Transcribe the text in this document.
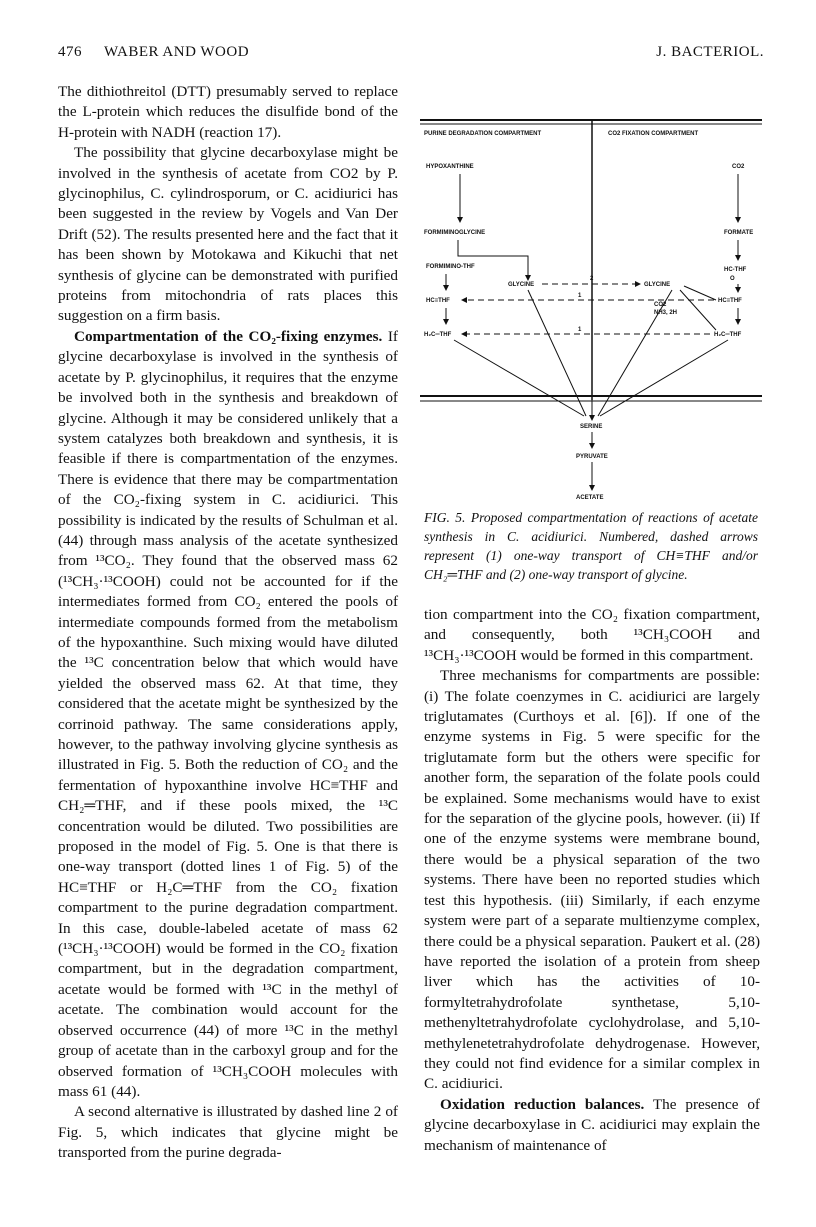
476 WABER AND WOOD	J. BACTERIOL.

The dithiothreitol (DTT) presumably served to replace the L-protein which reduces the disulfide bond of the H-protein with NADH (reaction 17).

The possibility that glycine decarboxylase might be involved in the synthesis of acetate from CO2 by P. glycinophilus, C. cylindrosporum, or C. acidiurici has been suggested in the review by Vogels and Van Der Drift (52). The results presented here and the fact that it has been shown by Motokawa and Kikuchi that net synthesis of glycine can be demonstrated with purified proteins from mitochondria of rats places this suggestion on a firm basis.

Compartmentation of the CO₂-fixing enzymes. If glycine decarboxylase is involved in the synthesis of acetate by P. glycinophilus, it requires that the enzyme be involved both in the synthesis and breakdown of glycine. Although it may be considered unlikely that a system catalyzes both breakdown and synthesis, it is feasible if there is compartmentation of the enzymes. There is evidence that there may be compartmentation of the CO₂-fixing system in C. acidiurici. This possibility is indicated by the results of Schulman et al. (44) through mass analysis of the acetate synthesized from ¹³CO₂. They found that the observed mass 62 (¹³CH₃·¹³COOH) could not be accounted for if the intermediates formed from CO₂ entered the pools of intermediate compounds formed from the metabolism of the hypoxanthine. Such mixing would have diluted the ¹³C concentration below that which would have yielded the observed mass 62. At that time, they considered that the acetate might be synthesized by the corrinoid pathway. The same considerations apply, however, to the pathway involving glycine synthesis as illustrated in Fig. 5. Both the reduction of CO₂ and the fermentation of hypoxanthine involve HC≡THF and CH₂═THF, and if these pools mixed, the ¹³C concentration would be diluted. Two possibilities are proposed in the model of Fig. 5. One is that there is one-way transport (dotted lines 1 of Fig. 5) of the HC≡THF or H₂C═THF from the CO₂ fixation compartment to the purine degradation compartment. In this case, double-labeled acetate of mass 62 (¹³CH₃·¹³COOH) would be formed in the CO₂ fixation compartment, but in the degradation compartment, acetate would be formed with ¹³C in the methyl of acetate. The combination would account for the observed occurrence (44) of more ¹³C in the methyl group of acetate than in the carboxyl group and for the observed formation of ¹³CH₃COOH molecules with mass 61 (44).

A second alternative is illustrated by dashed line 2 of Fig. 5, which indicates that glycine might be transported from the purine degrada-

PURINE DEGRADATION COMPARTMENT	CO2 FIXATION COMPARTMENT
HYPOXANTHINE
FORMIMINOGLYCINE
FORMIMINO-THF
GLYCINE
HC≡THF
H₂C═THF
CO2
FORMATE
HC-THF
O
HC≡THF
H₂C═THF
GLYCINE
CO2
NH3, 2H
2
1
1
SERINE
PYRUVATE
ACETATE
FIG. 5. Proposed compartmentation of reactions of acetate synthesis in C. acidiurici. Numbered, dashed arrows represent (1) one-way transport of CH≡THF and/or CH₂═THF and (2) one-way transport of glycine.

tion compartment into the CO₂ fixation compartment, and consequently, both ¹³CH₃COOH and ¹³CH₃·¹³COOH would be formed in this compartment.

Three mechanisms for compartments are possible: (i) The folate coenzymes in C. acidiurici are largely triglutamates (Curthoys et al. [6]). If one of the enzyme systems in Fig. 5 were specific for the triglutamate form but the others were specific for another form, the separation of the folate pools could be explained. Some mechanisms would have to exist for the separation of the glycine pools, however. (ii) If one of the enzyme systems were membrane bound, there would be a physical separation of the two systems. There have been no reported studies which test this hypothesis. (iii) Similarly, if each enzyme system were part of a separate multienzyme complex, there could be a physical separation. Paukert et al. (28) have reported the isolation of a protein from sheep liver which has the activities of 10-formyltetrahydrofolate synthetase, 5,10-methenyltetrahydrofolate cyclohydrolase, and 5,10-methylenetetrahydrofolate dehydrogenase. However, they could not find evidence for a similar complex in C. acidiurici.

Oxidation reduction balances. The presence of glycine decarboxylase in C. acidiurici may explain the mechanism of maintenance of
